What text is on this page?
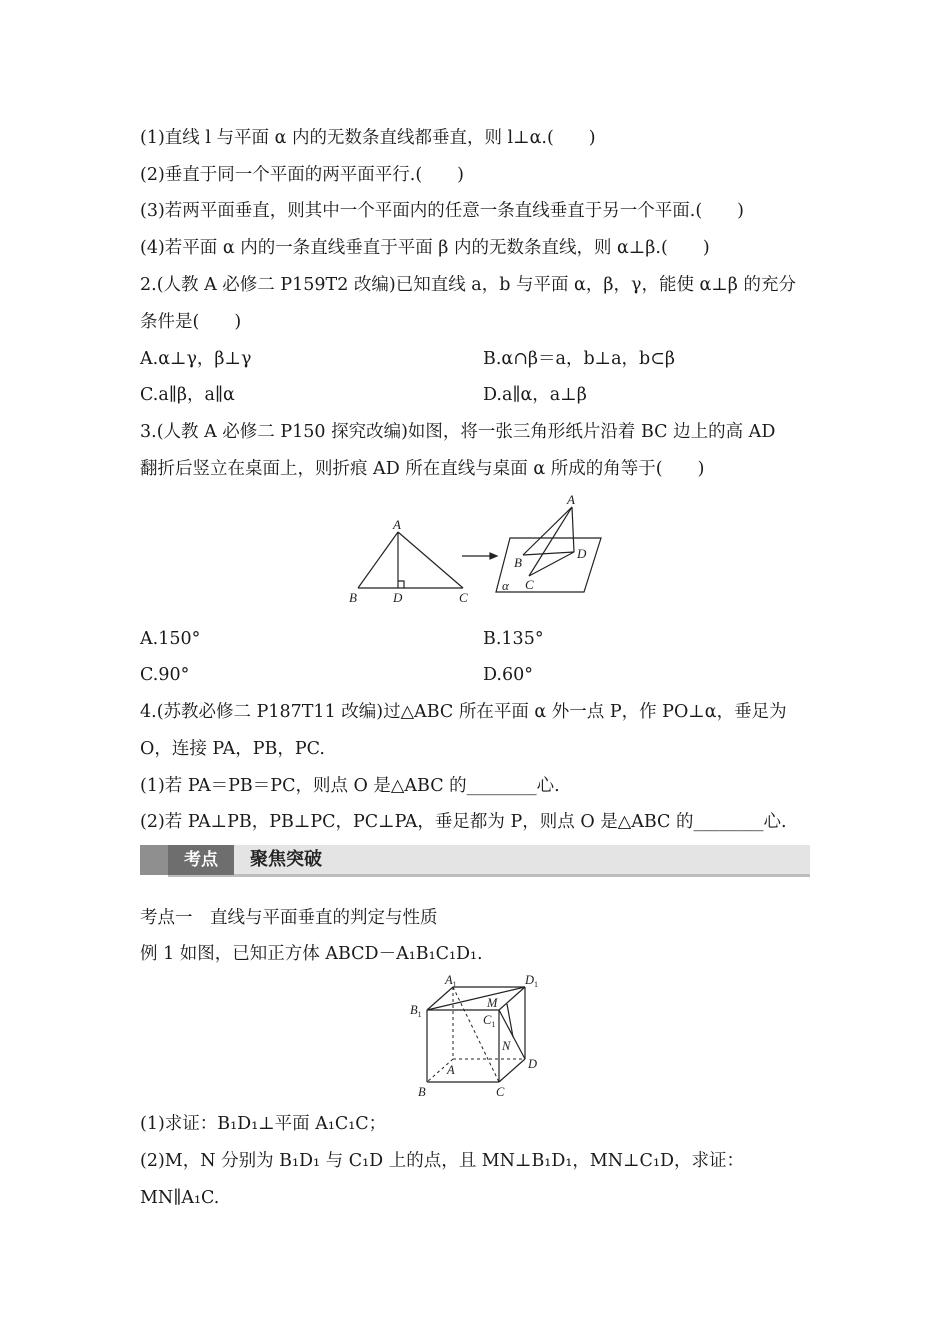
(1)直线 l 与平面 α 内的无数条直线都垂直，则 l⊥α.(　　)
(2)垂直于同一个平面的两平面平行.(　　)
(3)若两平面垂直，则其中一个平面内的任意一条直线垂直于另一个平面.(　　)
(4)若平面 α 内的一条直线垂直于平面 β 内的无数条直线，则 α⊥β.(　　)
2.(人教 A 必修二 P159T2 改编)已知直线 a，b 与平面 α，β，γ，能使 α⊥β 的充分
条件是(　　)
A.α⊥γ，β⊥γ	B.α∩β＝a，b⊥a，b⊂β
C.a∥β，a∥α	D.a∥α，a⊥β
3.(人教 A 必修二 P150 探究改编)如图，将一张三角形纸片沿着 BC 边上的高 AD
翻折后竖立在桌面上，则折痕 AD 所在直线与桌面 α 所成的角等于(　　)
A
B	D	C
A
D
B
C
α
A.150°	B.135°
C.90°	D.60°
4.(苏教必修二 P187T11 改编)过△ABC 所在平面 α 外一点 P，作 PO⊥α，垂足为
O，连接 PA，PB，PC.
(1)若 PA＝PB＝PC，则点 O 是△ABC 的________心.
(2)若 PA⊥PB，PB⊥PC，PC⊥PA，垂足都为 P，则点 O 是△ABC 的________心.
考点	聚焦突破
考点一　直线与平面垂直的判定与性质
例 1 如图，已知正方体 ABCD－A₁B₁C₁D₁.
$A_1$	$D_1$
$B_1$	$C_1$
M
N
A
B	C
D
(1)求证：B₁D₁⊥平面 A₁C₁C；
(2)M，N 分别为 B₁D₁ 与 C₁D 上的点，且 MN⊥B₁D₁，MN⊥C₁D，求证：
MN∥A₁C.
